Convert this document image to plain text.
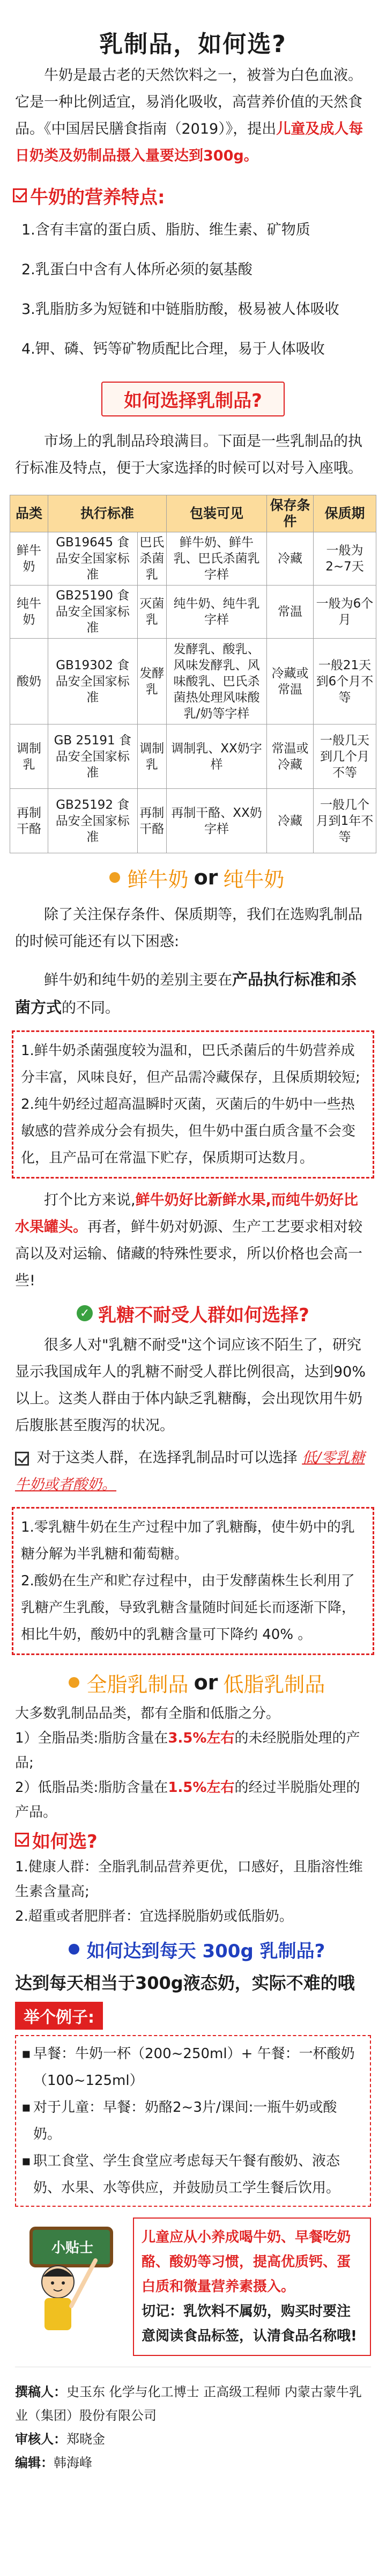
乳制品，如何选?

牛奶是最古老的天然饮料之一，被誉为白色血液。它是一种比例适宜，易消化吸收，高营养价值的天然食品。《中国居民膳食指南（2019）》，提出儿童及成人每日奶类及奶制品摄入量要达到300g。

牛奶的营养特点:
1.含有丰富的蛋白质、脂肪、维生素、矿物质
2.乳蛋白中含有人体所必须的氨基酸
3.乳脂肪多为短链和中链脂肪酸，极易被人体吸收
4.钾、磷、钙等矿物质配比合理，易于人体吸收
如何选择乳制品?

市场上的乳制品玲琅满目。下面是一些乳制品的执行标准及特点，便于大家选择的时候可以对号入座哦。

品类	执行标准		包装可见	保存条件	保质期
鲜牛奶	GB19645 食品安全国家标准	巴氏杀菌乳	鲜牛奶、鲜牛乳、巴氏杀菌乳字样	冷藏	一般为2~7天
纯牛奶	GB25190 食品安全国家标准	灭菌乳	纯牛奶、纯牛乳字样	常温	一般为6个月
酸奶	GB19302 食品安全国家标准	发酵乳	发酵乳、酸乳、风味发酵乳、风味酸乳、巴氏杀菌热处理风味酸乳/奶等字样	冷藏或常温	一般21天到6个月不等
调制乳	GB 25191 食品安全国家标准	调制乳	调制乳、XX奶字样	常温或冷藏	一般几天到几个月不等
再制干酪	GB25192 食品安全国家标准	再制干酪	再制干酪、XX奶字样	冷藏	一般几个月到1年不等
鲜牛奶 or 纯牛奶

除了关注保存条件、保质期等，我们在选购乳制品的时候可能还有以下困惑:

鲜牛奶和纯牛奶的差别主要在产品执行标准和杀菌方式的不同。

1.鲜牛奶杀菌强度较为温和，巴氏杀菌后的牛奶营养成分丰富，风味良好，但产品需冷藏保存，且保质期较短;
2.纯牛奶经过超高温瞬时灭菌，灭菌后的牛奶中一些热敏感的营养成分会有损失，但牛奶中蛋白质含量不会变化，且产品可在常温下贮存，保质期可达数月。

打个比方来说,鲜牛奶好比新鲜水果,而纯牛奶好比水果罐头。再者，鲜牛奶对奶源、生产工艺要求相对较高以及对运输、储藏的特殊性要求，所以价格也会高一些!

✓ 乳糖不耐受人群如何选择?

很多人对"乳糖不耐受"这个词应该不陌生了，研究显示我国成年人的乳糖不耐受人群比例很高，达到90% 以上。这类人群由于体内缺乏乳糖酶，会出现饮用牛奶后腹胀甚至腹泻的状况。

对于这类人群，在选择乳制品时可以选择 低/零乳糖牛奶或者酸奶。

1.零乳糖牛奶在生产过程中加了乳糖酶，使牛奶中的乳糖分解为半乳糖和葡萄糖。
2.酸奶在生产和贮存过程中，由于发酵菌株生长利用了乳糖产生乳酸，导致乳糖含量随时间延长而逐渐下降，相比牛奶，酸奶中的乳糖含量可下降约 40% 。
全脂乳制品 or 低脂乳制品

大多数乳制品品类，都有全脂和低脂之分。

1）全脂品类:脂肪含量在3.5%左右的未经脱脂处理的产品;

2）低脂品类:脂肪含量在1.5%左右的经过半脱脂处理的产品。

如何选?

1.健康人群：全脂乳制品营养更优，口感好，且脂溶性维生素含量高;

2.超重或者肥胖者：宜选择脱脂奶或低脂奶。

如何达到每天 300g 乳制品?

达到每天相当于300g液态奶，实际不难的哦

举个例子:
▪ 早餐：牛奶一杯（200~250ml）+ 午餐：一杯酸奶（100~125ml）
▪ 对于儿童：早餐：奶酪2~3片/课间:一瓶牛奶或酸奶。
▪ 职工食堂、学生食堂应考虑每天午餐有酸奶、液态奶、水果、水等供应，并鼓励员工学生餐后饮用。
小贴士
儿童应从小养成喝牛奶、早餐吃奶酪、酸奶等习惯，提高优质钙、蛋白质和微量营养素摄入。
切记：乳饮料不属奶，购买时要注意阅读食品标签，认清食品名称哦!
撰稿人：史玉东 化学与化工博士 正高级工程师 内蒙古蒙牛乳业（集团）股份有限公司
审核人：郑晓金
编辑：韩海峰
